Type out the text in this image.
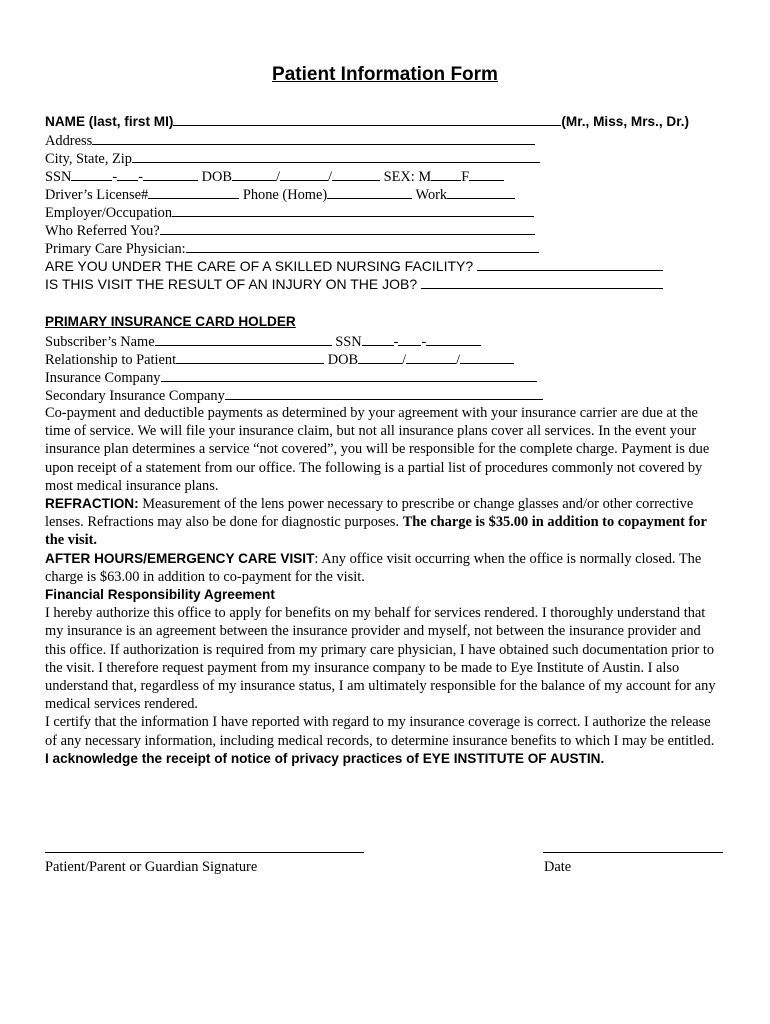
Patient Information Form
NAME (last, first MI)	(Mr., Miss, Mrs., Dr.)
Address
City, State, Zip
SSN	- -	DOB	/	/	SEX: M F
Driver’s License#	Phone (Home)	Work
Employer/Occupation
Who Referred You?
Primary Care Physician:
ARE YOU UNDER THE CARE OF A SKILLED NURSING FACILITY?
IS THIS VISIT THE RESULT OF AN INJURY ON THE JOB?
PRIMARY INSURANCE CARD HOLDER
Subscriber’s Name	SSN - -
Relationship to Patient	DOB	/	/
Insurance Company
Secondary Insurance Company

Co-payment and deductible payments as determined by your agreement with your insurance carrier are due at the time of service. We will file your insurance claim, but not all insurance plans cover all services. In the event your insurance plan determines a service “not covered”, you will be responsible for the complete charge. Payment is due upon receipt of a statement from our office. The following is a partial list of procedures commonly not covered by most medical insurance plans.

REFRACTION: Measurement of the lens power necessary to prescribe or change glasses and/or other corrective lenses. Refractions may also be done for diagnostic purposes. The charge is $35.00 in addition to copayment for the visit.

AFTER HOURS/EMERGENCY CARE VISIT: Any office visit occurring when the office is normally closed. The charge is $63.00 in addition to co-payment for the visit.

Financial Responsibility Agreement

I hereby authorize this office to apply for benefits on my behalf for services rendered. I thoroughly understand that my insurance is an agreement between the insurance provider and myself, not between the insurance provider and this office. If authorization is required from my primary care physician, I have obtained such documentation prior to the visit. I therefore request payment from my insurance company to be made to Eye Institute of Austin. I also understand that, regardless of my insurance status, I am ultimately responsible for the balance of my account for any medical services rendered.

I certify that the information I have reported with regard to my insurance coverage is correct. I authorize the release of any necessary information, including medical records, to determine insurance benefits to which I may be entitled.

I acknowledge the receipt of notice of privacy practices of EYE INSTITUTE OF AUSTIN.

Patient/Parent or Guardian Signature	Date
